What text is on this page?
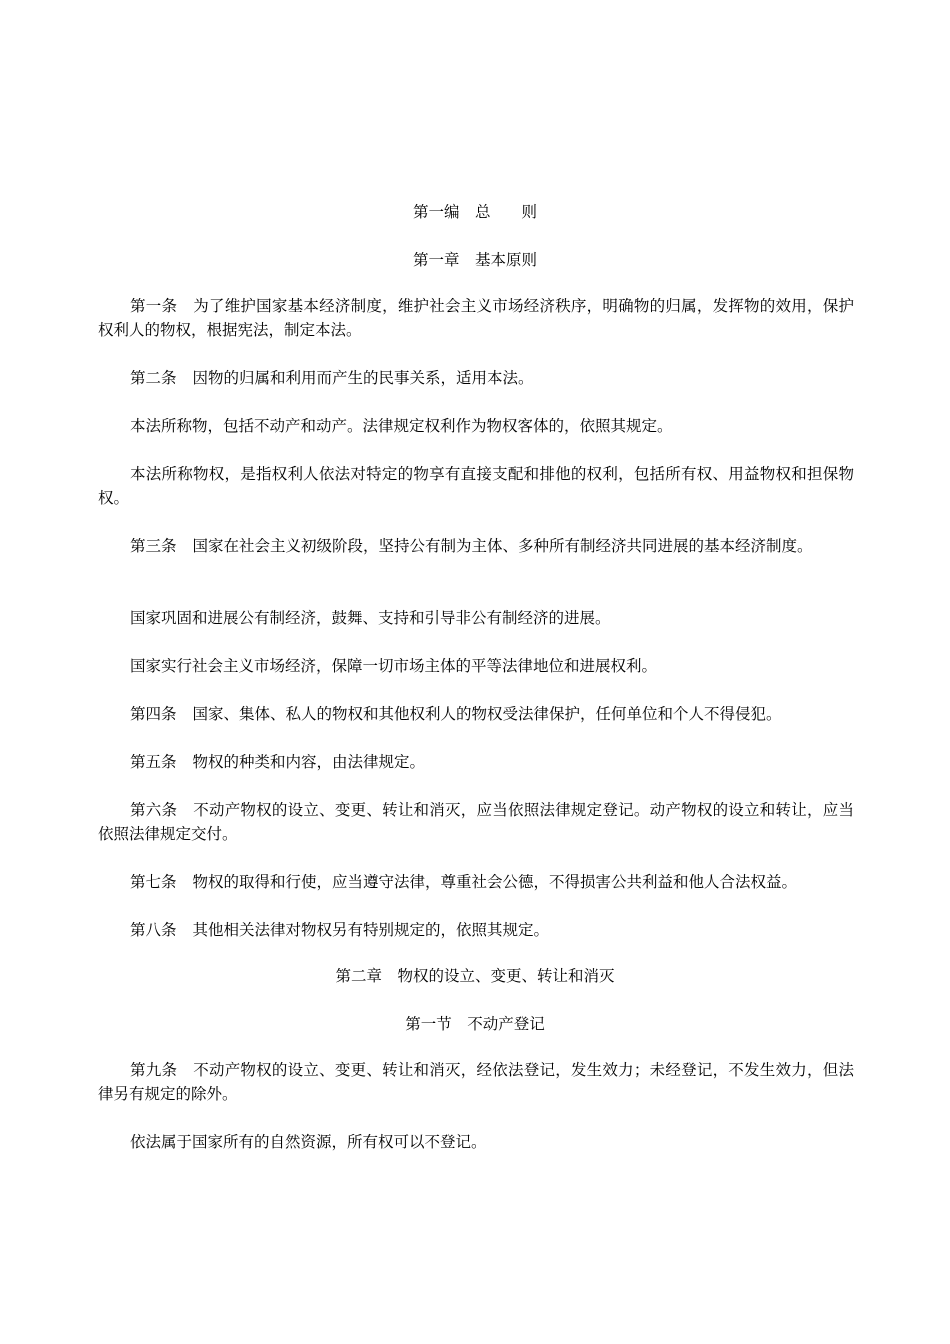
第一编　总　　则
第一章　基本原则
第一条 为了维护国家基本经济制度，维护社会主义市场经济秩序，明确物的归属，发挥物的效用，保护权利人的物权，根据宪法，制定本法。
第二条 因物的归属和利用而产生的民事关系，适用本法。
本法所称物，包括不动产和动产。法律规定权利作为物权客体的，依照其规定。
本法所称物权，是指权利人依法对特定的物享有直接支配和排他的权利，包括所有权、用益物权和担保物权。
第三条 国家在社会主义初级阶段，坚持公有制为主体、多种所有制经济共同进展的基本经济制度。
国家巩固和进展公有制经济，鼓舞、支持和引导非公有制经济的进展。
国家实行社会主义市场经济，保障一切市场主体的平等法律地位和进展权利。
第四条 国家、集体、私人的物权和其他权利人的物权受法律保护，任何单位和个人不得侵犯。
第五条 物权的种类和内容，由法律规定。
第六条 不动产物权的设立、变更、转让和消灭，应当依照法律规定登记。动产物权的设立和转让，应当依照法律规定交付。
第七条 物权的取得和行使，应当遵守法律，尊重社会公德，不得损害公共利益和他人合法权益。
第八条 其他相关法律对物权另有特别规定的，依照其规定。
第二章　物权的设立、变更、转让和消灭
第一节　不动产登记
第九条 不动产物权的设立、变更、转让和消灭，经依法登记，发生效力；未经登记，不发生效力，但法律另有规定的除外。
依法属于国家所有的自然资源，所有权可以不登记。
